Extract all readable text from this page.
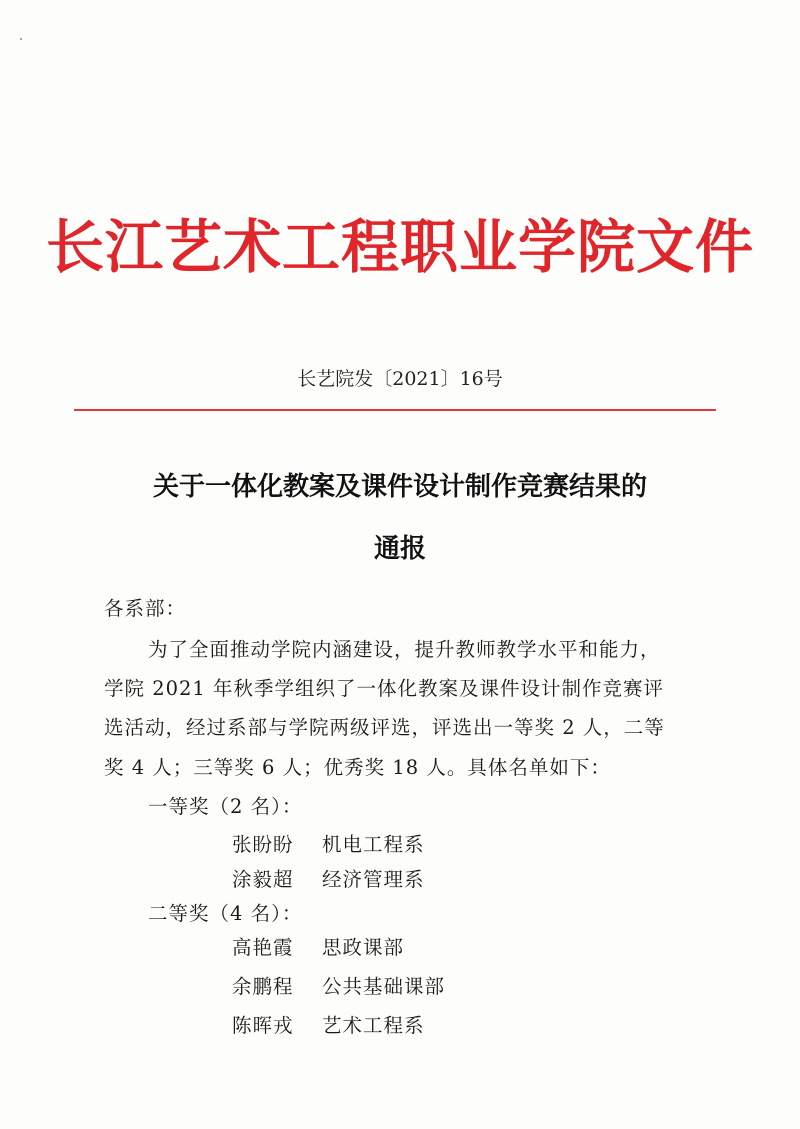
长江艺术工程职业学院文件
长艺院发〔2021〕16号
关于一体化教案及课件设计制作竞赛结果的
通报
各系部：
为了全面推动学院内涵建设，提升教师教学水平和能力，
学院 2021 年秋季学组织了一体化教案及课件设计制作竞赛评
选活动，经过系部与学院两级评选，评选出一等奖 2 人，二等
奖 4 人；三等奖 6 人；优秀奖 18 人。具体名单如下：
一等奖（2 名）：
张盼盼 机电工程系
涂毅超 经济管理系
二等奖（4 名）：
高艳霞 思政课部
余鹏程 公共基础课部
陈晖戎 艺术工程系
